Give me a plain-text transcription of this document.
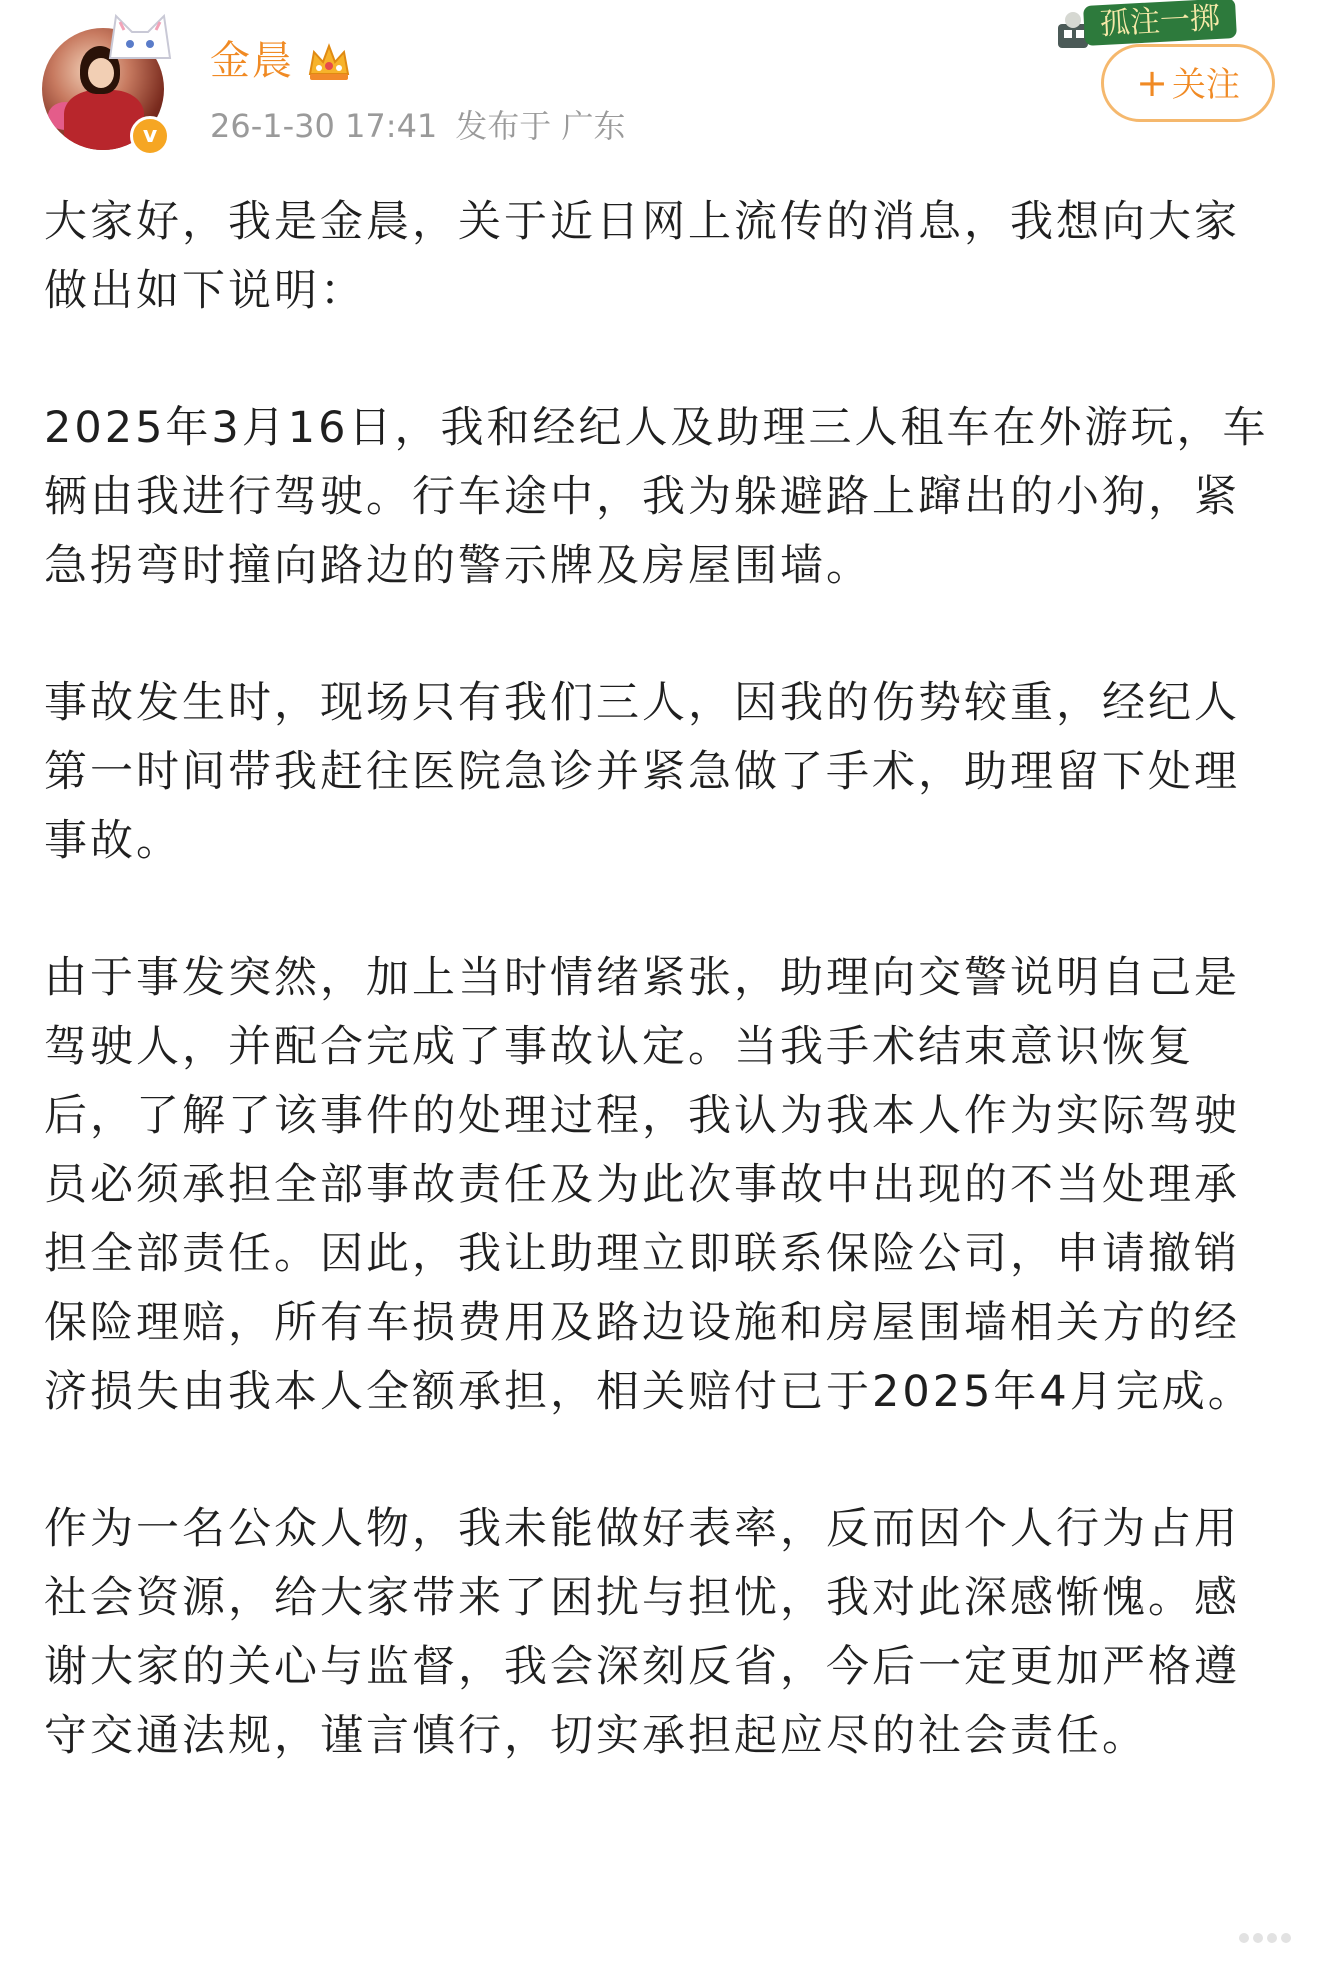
v
金晨
26-1-30 17:41 发布于 广东
孤注一掷
+ 关注

大家好，我是金晨，关于近日网上流传的消息，我想向大家做出如下说明：

2025年3月16日，我和经纪人及助理三人租车在外游玩，车辆由我进行驾驶。行车途中，我为躲避路上蹿出的小狗，紧急拐弯时撞向路边的警示牌及房屋围墙。

事故发生时，现场只有我们三人，因我的伤势较重，经纪人第一时间带我赶往医院急诊并紧急做了手术，助理留下处理事故。

由于事发突然，加上当时情绪紧张，助理向交警说明自己是驾驶人，并配合完成了事故认定。当我手术结束意识恢复后，了解了该事件的处理过程，我认为我本人作为实际驾驶员必须承担全部事故责任及为此次事故中出现的不当处理承担全部责任。因此，我让助理立即联系保险公司，申请撤销保险理赔，所有车损费用及路边设施和房屋围墙相关方的经济损失由我本人全额承担，相关赔付已于2025年4月完成。

作为一名公众人物，我未能做好表率，反而因个人行为占用社会资源，给大家带来了困扰与担忧，我对此深感惭愧。感谢大家的关心与监督，我会深刻反省，今后一定更加严格遵守交通法规，谨言慎行，切实承担起应尽的社会责任。
